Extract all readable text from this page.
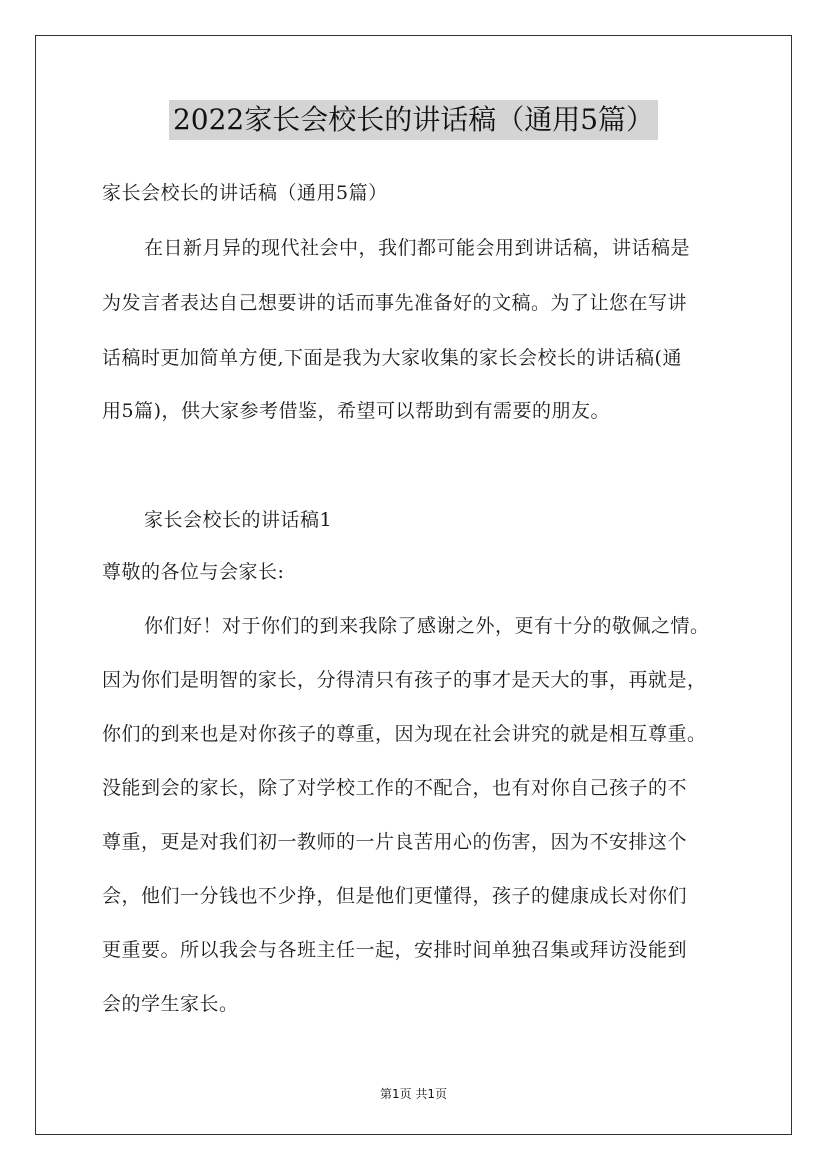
2022家长会校长的讲话稿（通用5篇）
家长会校长的讲话稿（通用5篇）
在日新月异的现代社会中，我们都可能会用到讲话稿，讲话稿是
为发言者表达自己想要讲的话而事先准备好的文稿。为了让您在写讲
话稿时更加简单方便,下面是我为大家收集的家长会校长的讲话稿(通
用5篇)，供大家参考借鉴，希望可以帮助到有需要的朋友。
家长会校长的讲话稿1
尊敬的各位与会家长:
你们好！对于你们的到来我除了感谢之外，更有十分的敬佩之情。
因为你们是明智的家长，分得清只有孩子的事才是天大的事，再就是，
你们的到来也是对你孩子的尊重，因为现在社会讲究的就是相互尊重。
没能到会的家长，除了对学校工作的不配合，也有对你自己孩子的不
尊重，更是对我们初一教师的一片良苦用心的伤害，因为不安排这个
会，他们一分钱也不少挣，但是他们更懂得，孩子的健康成长对你们
更重要。所以我会与各班主任一起，安排时间单独召集或拜访没能到
会的学生家长。
第1页 共1页
